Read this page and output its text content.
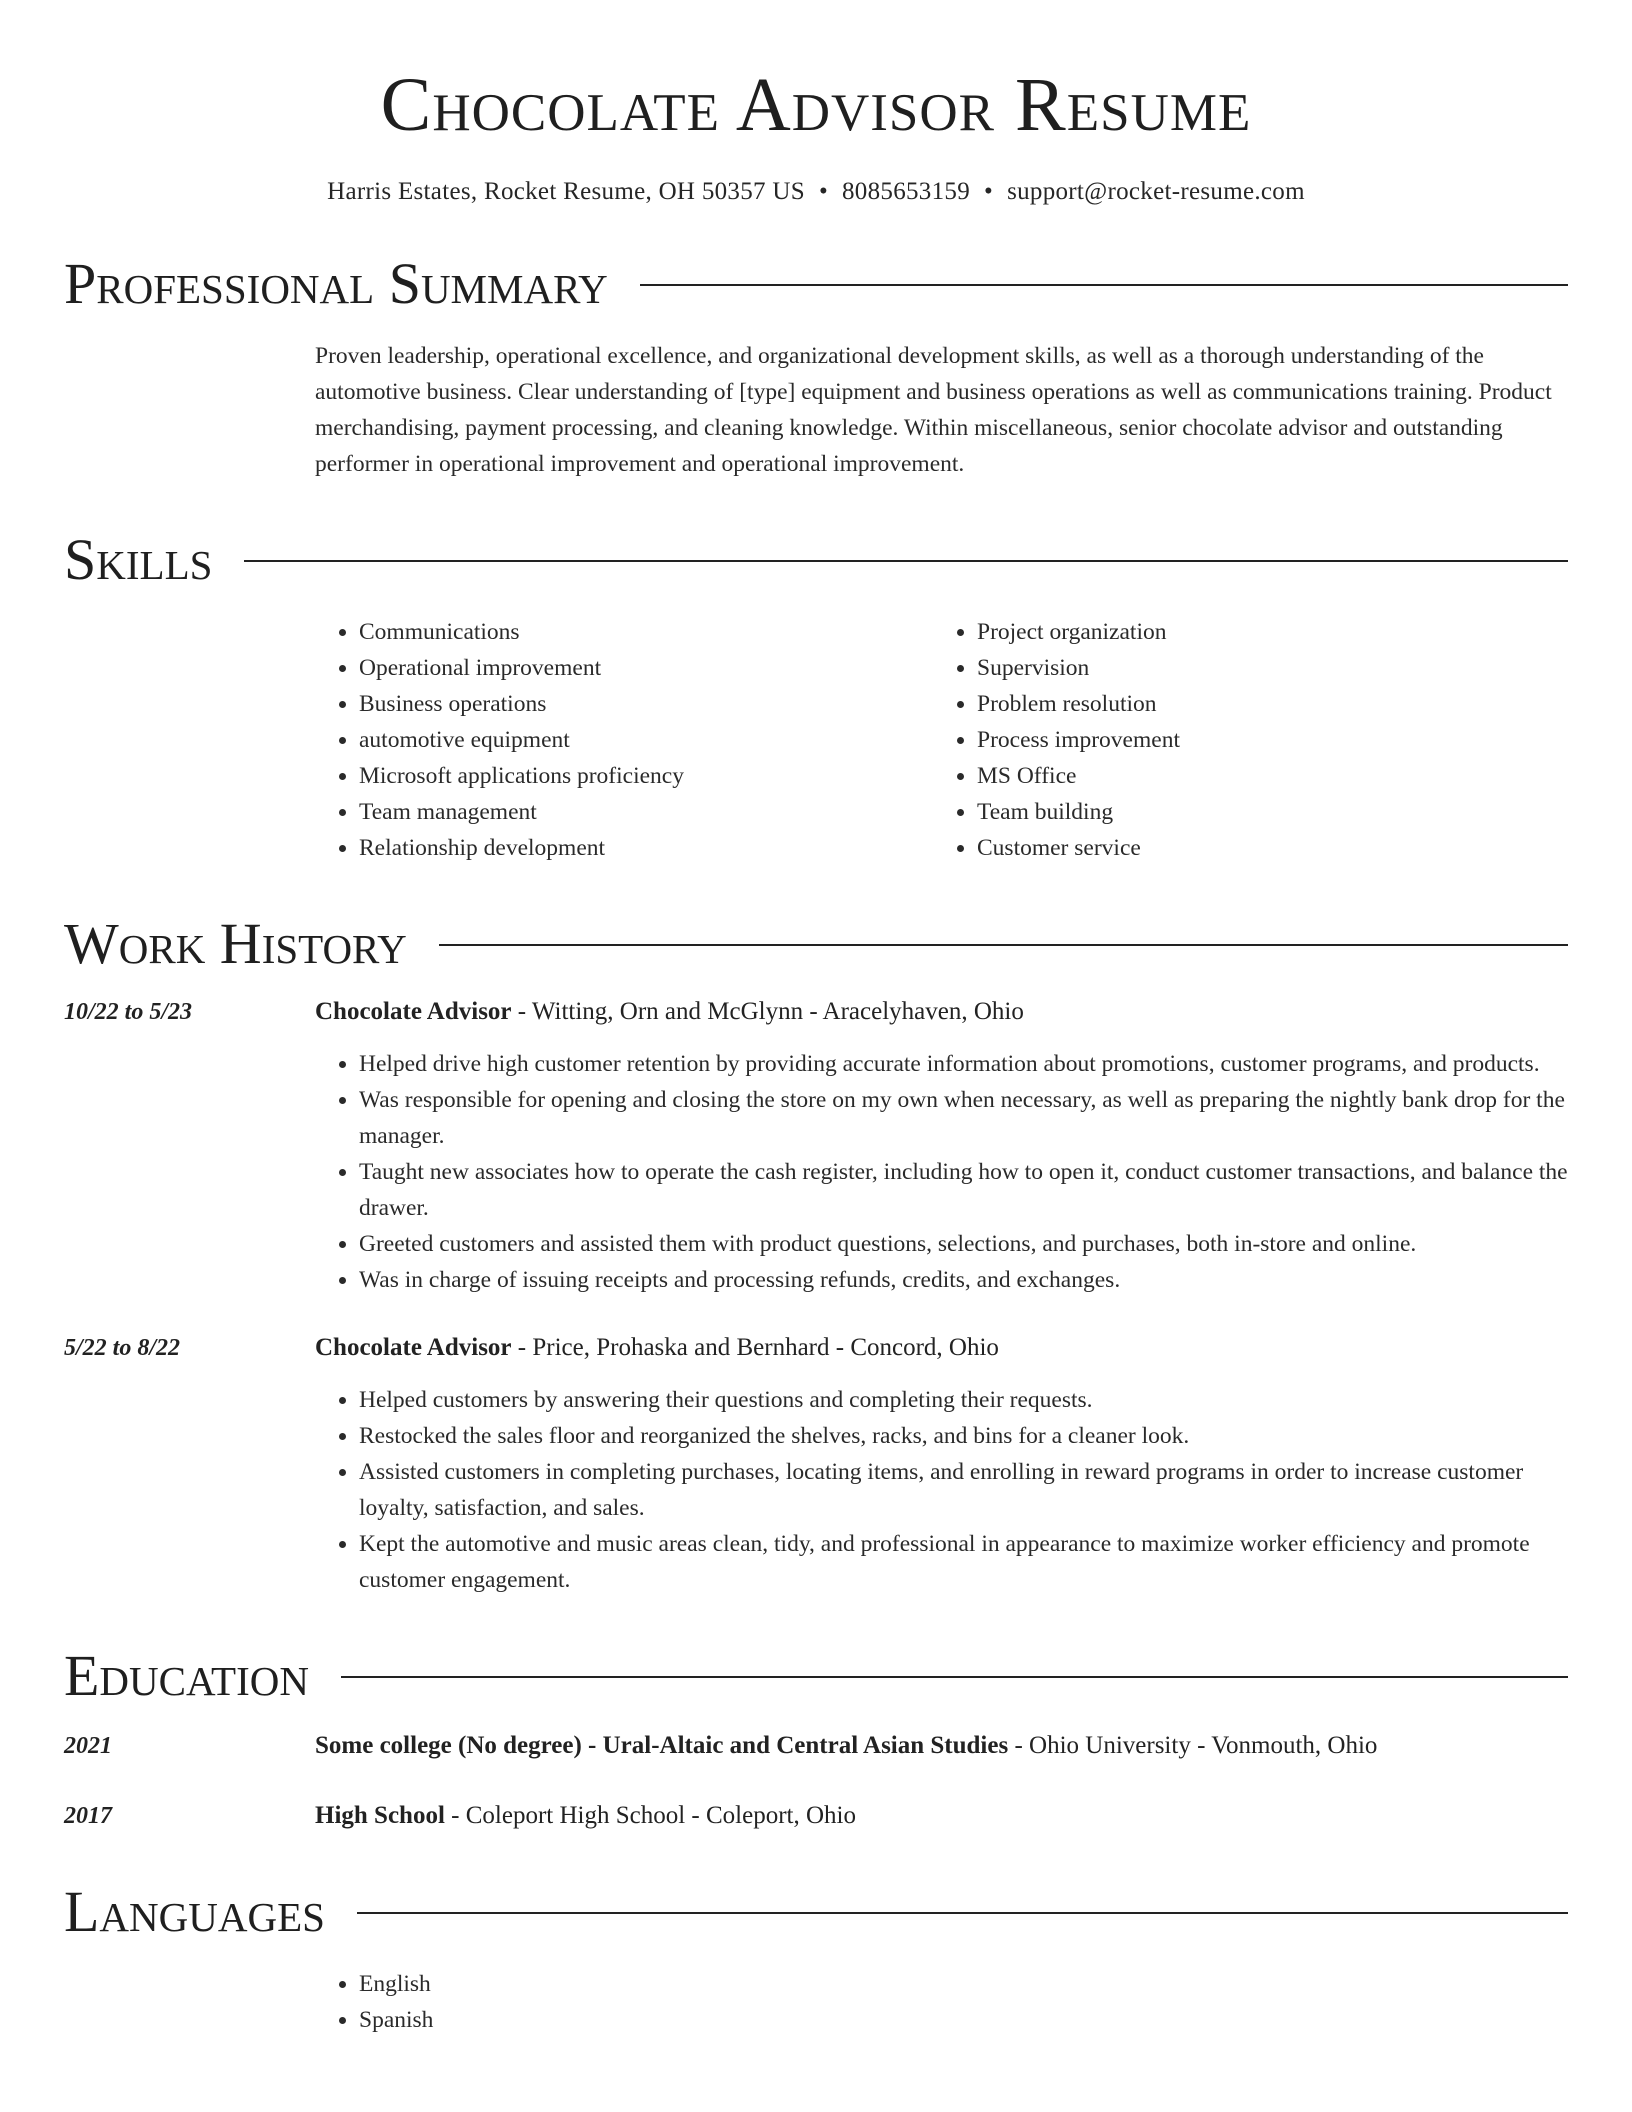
Chocolate Advisor Resume
Harris Estates, Rocket Resume, OH 50357 US • 8085653159 • support@rocket-resume.com
Professional Summary
Proven leadership, operational excellence, and organizational development skills, as well as a thorough understanding of the automotive business. Clear understanding of [type] equipment and business operations as well as communications training. Product merchandising, payment processing, and cleaning knowledge. Within miscellaneous, senior chocolate advisor and outstanding performer in operational improvement and operational improvement.
Skills
• Communications
• Operational improvement
• Business operations
• automotive equipment
• Microsoft applications proficiency
• Team management
• Relationship development
• Project organization
• Supervision
• Problem resolution
• Process improvement
• MS Office
• Team building
• Customer service
Work History
10/22 to 5/23	Chocolate Advisor - Witting, Orn and McGlynn - Aracelyhaven, Ohio
• Helped drive high customer retention by providing accurate information about promotions, customer programs, and products.
• Was responsible for opening and closing the store on my own when necessary, as well as preparing the nightly bank drop for the manager.
• Taught new associates how to operate the cash register, including how to open it, conduct customer transactions, and balance the drawer.
• Greeted customers and assisted them with product questions, selections, and purchases, both in-store and online.
• Was in charge of issuing receipts and processing refunds, credits, and exchanges.
5/22 to 8/22	Chocolate Advisor - Price, Prohaska and Bernhard - Concord, Ohio
• Helped customers by answering their questions and completing their requests.
• Restocked the sales floor and reorganized the shelves, racks, and bins for a cleaner look.
• Assisted customers in completing purchases, locating items, and enrolling in reward programs in order to increase customer loyalty, satisfaction, and sales.
• Kept the automotive and music areas clean, tidy, and professional in appearance to maximize worker efficiency and promote customer engagement.
Education
2021	Some college (No degree) - Ural-Altaic and Central Asian Studies - Ohio University - Vonmouth, Ohio
2017	High School - Coleport High School - Coleport, Ohio
Languages
• English
• Spanish
